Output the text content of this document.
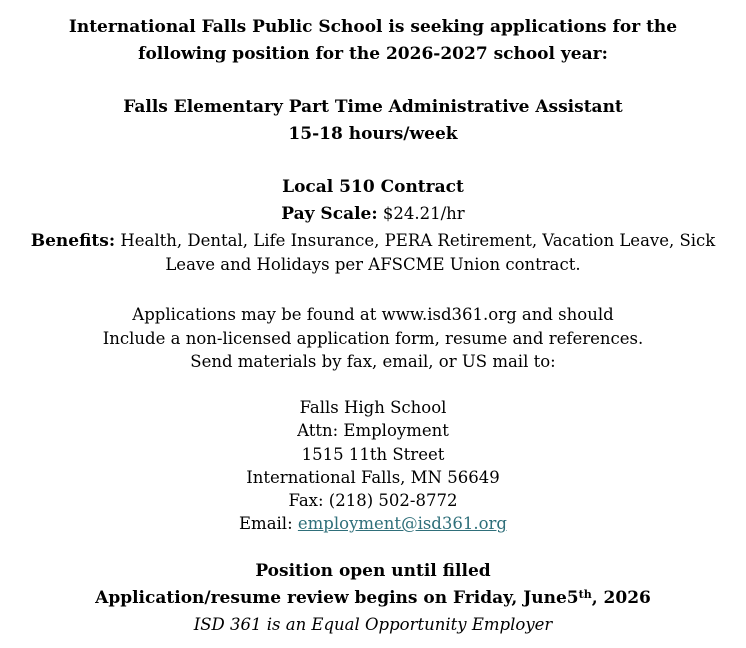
International Falls Public School is seeking applications for the
following position for the 2026-2027 school year:
Falls Elementary Part Time Administrative Assistant
15-18 hours/week
Local 510 Contract
Pay Scale: $24.21/hr
Benefits: Health, Dental, Life Insurance, PERA Retirement, Vacation Leave, Sick
Leave and Holidays per AFSCME Union contract.
Applications may be found at www.isd361.org and should
Include a non-licensed application form, resume and references.
Send materials by fax, email, or US mail to:
Falls High School
Attn: Employment
1515 11th Street
International Falls, MN 56649
Fax: (218) 502-8772
Email: employment@isd361.org
Position open until filled
Application/resume review begins on Friday, June5th, 2026
ISD 361 is an Equal Opportunity Employer
